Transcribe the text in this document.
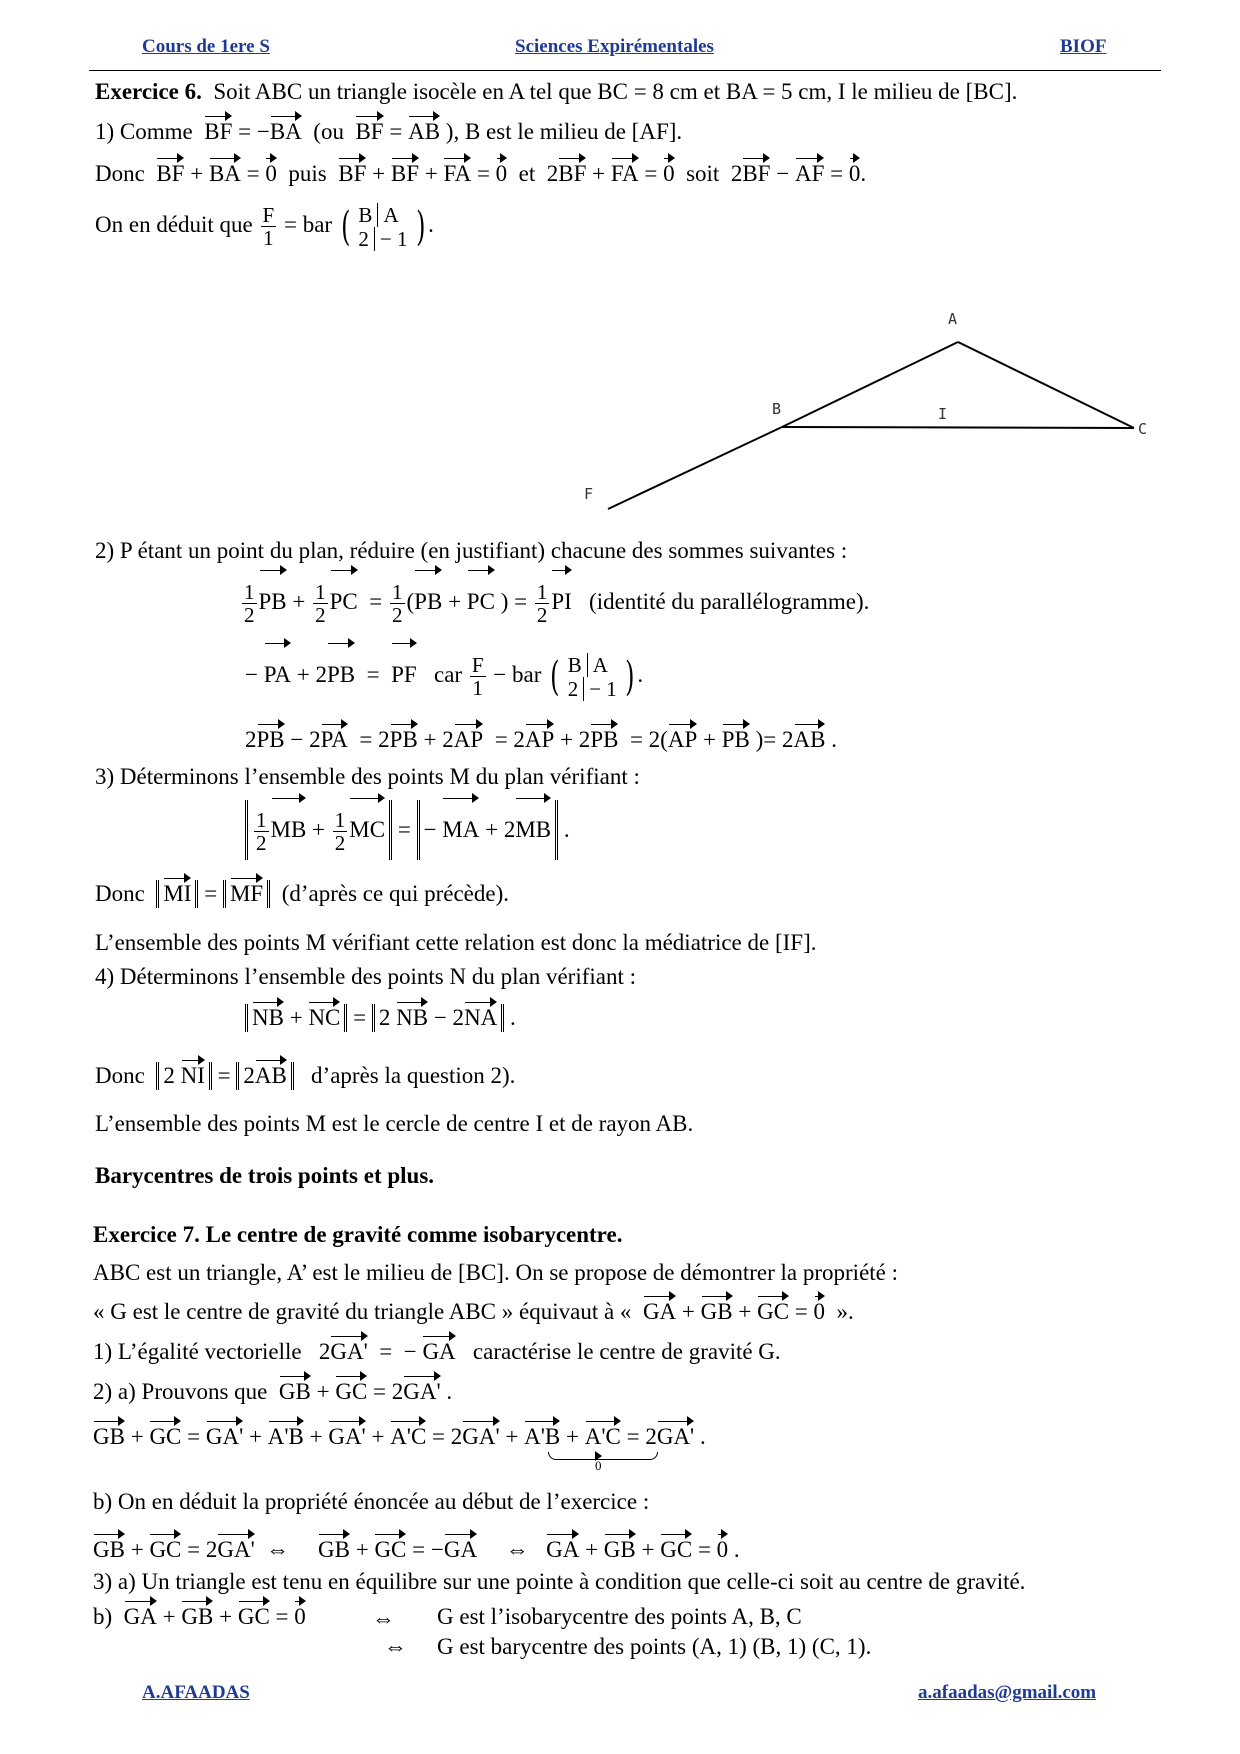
Cours de 1ere S	Sciences Expirémentales	BIOF
Exercice 6. Soit ABC un triangle isocèle en A tel que BC = 8 cm et BA = 5 cm, I le milieu de [BC].
1) Comme BF = −BA (ou BF = AB ), B est le milieu de [AF].
Donc BF + BA = 0 puis BF + BF + FA = 0 et  2BF + FA = 0 soit  2BF − AF = 0.
On en déduit que $\frac{F}{1}$ = bar ( B A
2 − 1 ) .
A
B
C
I
F
2) P étant un point du plan, réduire (en justifiant) chacune des sommes suivantes :
$\frac{1}{2}$ PB + $\frac{1}{2}$ PC  = $\frac{1}{2} (PB$ + PC ) = $\frac{1}{2}$ PI (identité du parallélogramme).
− PA + 2PB  =  PF car $\frac{F}{1}$ − bar ( B A
2 − 1 ) .
2PB − 2PA  = 2PB + 2AP  = 2AP + 2PB  = 2(AP + PB )= 2AB .
3) Déterminons l’ensemble des points M du plan vérifiant :
$\frac{1}{2}$ MB + $\frac{1}{2}$ MC = − MA + 2MB .
Donc MI = MF (d’après ce qui précède).
L’ensemble des points M vérifiant cette relation est donc la médiatrice de [IF].
4) Déterminons l’ensemble des points N du plan vérifiant :
NB + NC = 2 NB − 2NA .
Donc 2 NI = 2AB d’après la question 2).
L’ensemble des points M est le cercle de centre I et de rayon AB.
Barycentres de trois points et plus.
Exercice 7. Le centre de gravité comme isobarycentre.
ABC est un triangle, A’ est le milieu de [BC]. On se propose de démontrer la propriété :
« G est le centre de gravité du triangle ABC » équivaut à « GA + GB + GC = 0 ».
1) L’égalité vectorielle   2GA'  =  − GA caractérise le centre de gravité G.
2) a) Prouvons que GB + GC = 2GA' .
GB + GC = GA' + A'B + GA' + A'C = 2GA' + A'B + A'C = 2GA' .
0
b) On en déduit la propriété énoncée au début de l’exercice :
GB + GC = 2GA'  ⇔     GB + GC = −GA     ⇔   GA + GB + GC = 0 .
3) a) Un triangle est tenu en équilibre sur une pointe à condition que celle-ci soit au centre de gravité.
b) GA + GB + GC = 0	⇔ G est l’isobarycentre des points A, B, C
⇔ G est barycentre des points (A, 1) (B, 1) (C, 1).
A.AFAADAS	a.afaadas@gmail.com
